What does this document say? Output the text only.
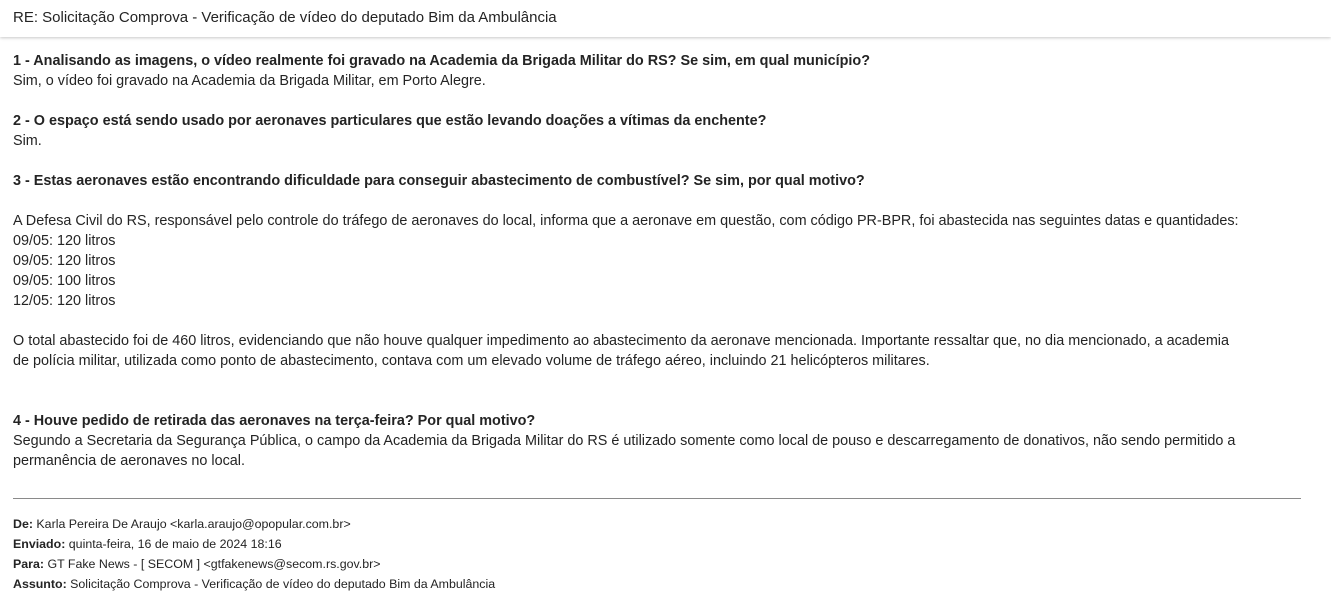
RE: Solicitação Comprova - Verificação de vídeo do deputado Bim da Ambulância
1 - Analisando as imagens, o vídeo realmente foi gravado na Academia da Brigada Militar do RS? Se sim, em qual município?
Sim, o vídeo foi gravado na Academia da Brigada Militar, em Porto Alegre.
2 - O espaço está sendo usado por aeronaves particulares que estão levando doações a vítimas da enchente?
Sim.
3 - Estas aeronaves estão encontrando dificuldade para conseguir abastecimento de combustível? Se sim, por qual motivo?
A Defesa Civil do RS, responsável pelo controle do tráfego de aeronaves do local, informa que a aeronave em questão, com código PR-BPR, foi abastecida nas seguintes datas e quantidades:
09/05: 120 litros
09/05: 120 litros
09/05: 100 litros
12/05: 120 litros
O total abastecido foi de 460 litros, evidenciando que não houve qualquer impedimento ao abastecimento da aeronave mencionada. Importante ressaltar que, no dia mencionado, a academia
de polícia militar, utilizada como ponto de abastecimento, contava com um elevado volume de tráfego aéreo, incluindo 21 helicópteros militares.
4 - Houve pedido de retirada das aeronaves na terça-feira? Por qual motivo?
Segundo a Secretaria da Segurança Pública, o campo da Academia da Brigada Militar do RS é utilizado somente como local de pouso e descarregamento de donativos, não sendo permitido a
permanência de aeronaves no local.
De: Karla Pereira De Araujo <karla.araujo@opopular.com.br>
Enviado: quinta-feira, 16 de maio de 2024 18:16
Para: GT Fake News - [ SECOM ] <gtfakenews@secom.rs.gov.br>
Assunto: Solicitação Comprova - Verificação de vídeo do deputado Bim da Ambulância
